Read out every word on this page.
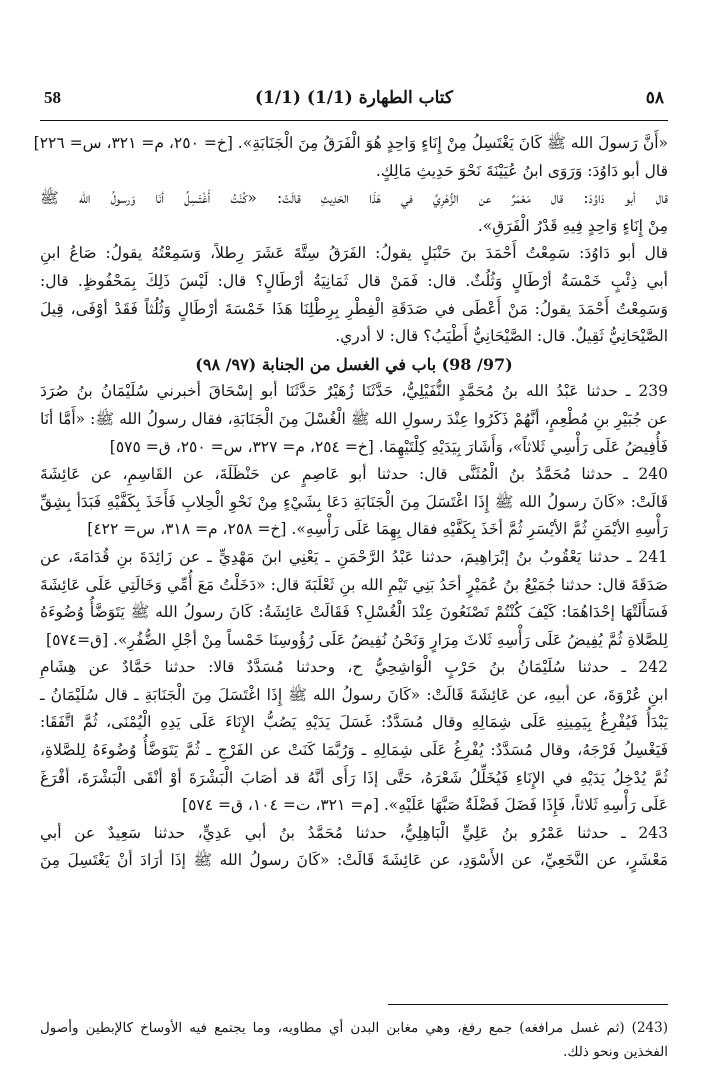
58	(1/1) كتاب الطهارة (1/1)	٥٨
«أَنَّ رَسولَ الله ﷺ كَانَ يَغْتَسِلُ مِنْ إِنَاءٍ وَاحِدٍ هُوَ الْفَرَقُ مِنَ الْجَنَابَةِ». [خ= ٢٥٠، م= ٣٢١، س= ٢٢٦]
قال أبو دَاوُدَ: وَرَوَى ابنُ عُيَيْنَةَ نَحْوَ حَدِيثِ مَالِكٍ.
قال أبو دَاوُدَ: قال مَعْمَرٌ عن الزُّهْرِيِّ في هَذَا الحَدِيثِ قالَتْ: «كُنْتُ أَغْتَسِلُ أنَا وَرسولُ الله ﷺ
مِنْ إِنَاءٍ وَاحِدٍ فِيهِ قَدْرُ الْفَرَقِ».
قال أبو دَاوُدَ: سَمِعْتُ أَحْمَدَ بنَ حَنْبَلٍ يقولُ: الفَرَقُ سِتَّةَ عَشَرَ رِطلاً، وَسَمِعْتُهُ يقولُ: صَاعُ ابنِ
أبي ذِئْبٍ خَمْسَةُ أرْطَالٍ وَثُلُثٌ. قال: فَمَنْ قال ثَمَانِيَةُ أرْطَالٍ؟ قال: لَيْسَ ذَلِكَ بِمَحْفُوظٍ. قال:
وَسَمِعْتُ أَحْمَدَ يقولُ: مَنْ أَعْطَى في صَدَقَةِ الْفِطْرِ بِرِطْلِنَا هَذَا خَمْسَةَ أرْطَالٍ وَثُلُثاً فَقَدْ أوْفَى، قِيلَ
الصَّيْحَانِيُّ ثَقِيلٌ. قال: الصَّيْحَانِيُّ أَطْيَبُ؟ قال: لا أدري.
(97/ 98) باب في الغسل من الجنابة (٩٧/ ٩٨)
239 ـ حدثنا عَبْدُ الله بنُ مُحَمَّدٍ النُّفَيْلِيُّ، حَدَّثَنَا زُهَيْرٌ حَدَّثَنَا أبو إسْحَاقَ أخبرني سُلَيْمَانُ بنُ صُرَدَ
عن جُبَيْرِ بنِ مُطْعِمٍ، أنَّهُمْ ذَكَرُوا عِنْدَ رسولِ الله ﷺ الْغُسْلَ مِنَ الْجَنَابَةِ، فقال رسولُ الله ﷺ: «أَمَّا أنَا
فَأُفِيضُ عَلَى رَأْسِي ثَلاثاً»، وَأَشَارَ بِيَدَيْهِ كِلْتَيْهِمَا. [خ= ٢٥٤، م= ٣٢٧، س= ٢٥٠، ق= ٥٧٥]
240 ـ حدثنا مُحَمَّدُ بنُ الْمُثَنَّى قال: حدثنا أبو عَاصِمٍ عن حَنْظَلَةَ، عن القَاسِمِ، عن عَائِشَةَ
قَالَتْ: «كَانَ رسولُ الله ﷺ إِذَا اغْتَسَلَ مِنَ الْجَنَابَةِ دَعَا بِشَيْءٍ مِنْ نَحْوِ الْحِلابِ فَأَخَذَ بِكَفَّيْهِ فَبَدَأ بِشِقِّ
رَأْسِهِ الأيْمَنِ ثُمَّ الأيْسَرِ ثُمَّ أخَذَ بِكَفَّيْهِ فقال بِهِمَا عَلَى رَأْسِهِ». [خ= ٢٥٨، م= ٣١٨، س= ٤٢٢]
241 ـ حدثنا يَعْقُوبُ بنُ إبْرَاهِيمَ، حدثنا عَبْدُ الرَّحْمَنِ ـ يَعْنِي ابنَ مَهْدِيٍّ ـ عن زَائِدَةَ بنِ قُدَامَةَ، عن
صَدَقَةَ قال: حدثنا جُمَيْعُ بنُ عُمَيْرٍ أحَدُ بَنِي تَيْمِ الله بنِ ثَعْلَبَةَ قال: «دَخَلْتُ مَعَ أُمِّي وَخَالَتِي عَلَى عَائِشَةَ
فَسَأَلَتْهَا إحْدَاهُمَا: كَيْفَ كُنْتُمْ تَصْنَعُونَ عِنْدَ الْغُسْلِ؟ فَقَالَتْ عَائِشَةُ: كَانَ رسولُ الله ﷺ يَتَوَضَّأُ وُضُوءَهُ
لِلصَّلاةِ ثُمَّ يُفِيضُ عَلَى رَأْسِهِ ثَلاثَ مِرَارٍ وَنَحْنُ نُفِيضُ عَلَى رُؤُوسِنَا خَمْساً مِنْ أجْلِ الضُّفُرِ». [ق=٥٧٤]
242 ـ حدثنا سُلَيْمَانُ بنُ حَرْبٍ الْوَاشِحِيُّ ح، وحدثنا مُسَدَّدٌ قالا: حدثنا حَمَّادٌ عن هِشَامِ
ابنِ عُرْوَةَ، عن أبيهِ، عن عَائِشَةَ قَالَتْ: «كَانَ رسولُ الله ﷺ إِذَا اغْتَسَلَ مِنَ الْجَنَابَةِ ـ قال سُلَيْمَانُ ـ
يَبْدَأُ فَيُفْرِغُ بِيَمِينِهِ عَلَى شِمَالِهِ وقال مُسَدَّدٌ: غَسَلَ يَدَيْهِ يَصُبُّ الإِنَاءَ عَلَى يَدِهِ الْيُمْنَى، ثُمَّ اتَّفَقَا:
فَيَغْسِلُ فَرْجَهُ، وقال مُسَدَّدٌ: يُفْرِغُ عَلَى شِمَالِهِ ـ وَرُبَّمَا كَنَتْ عن الفَرْجِ ـ ثُمَّ يَتَوَضَّأُ وُضُوءَهُ لِلصَّلاةِ،
ثُمَّ يُدْخِلُ يَدَيْهِ في الإِنَاءِ فَيُخَلِّلُ شَعْرَهُ، حَتَّى إذَا رَأَى أنَّهُ قد أصَابَ الْبَشْرَةَ أوْ أنْقَى الْبَشْرَةَ، أفْرَغَ
عَلَى رَأْسِهِ ثَلاثاً، فَإِذَا فَضَلَ فَضْلَةٌ صَبَّهَا عَلَيْهِ». [م= ٣٢١، ت= ١٠٤، ق= ٥٧٤]
243 ـ حدثنا عَمْرُو بنُ عَلِيٍّ الْبَاهِلِيُّ، حدثنا مُحَمَّدُ بنُ أبي عَدِيٍّ، حدثنا سَعِيدٌ عن أبي
مَعْشَرٍ، عن النَّخَعِيِّ، عن الأَسْوَدِ، عن عَائِشَةَ قَالَتْ: «كَانَ رسولُ الله ﷺ إذَا أرَادَ أنْ يَغْتَسِلَ مِنَ
(243) (ثم غسل مرافغه) جمع رفغ، وهي مغابن البدن أي مطاويه، وما يجتمع فيه الأوساخ كالإبطين وأصول
الفخذين ونحو ذلك.
